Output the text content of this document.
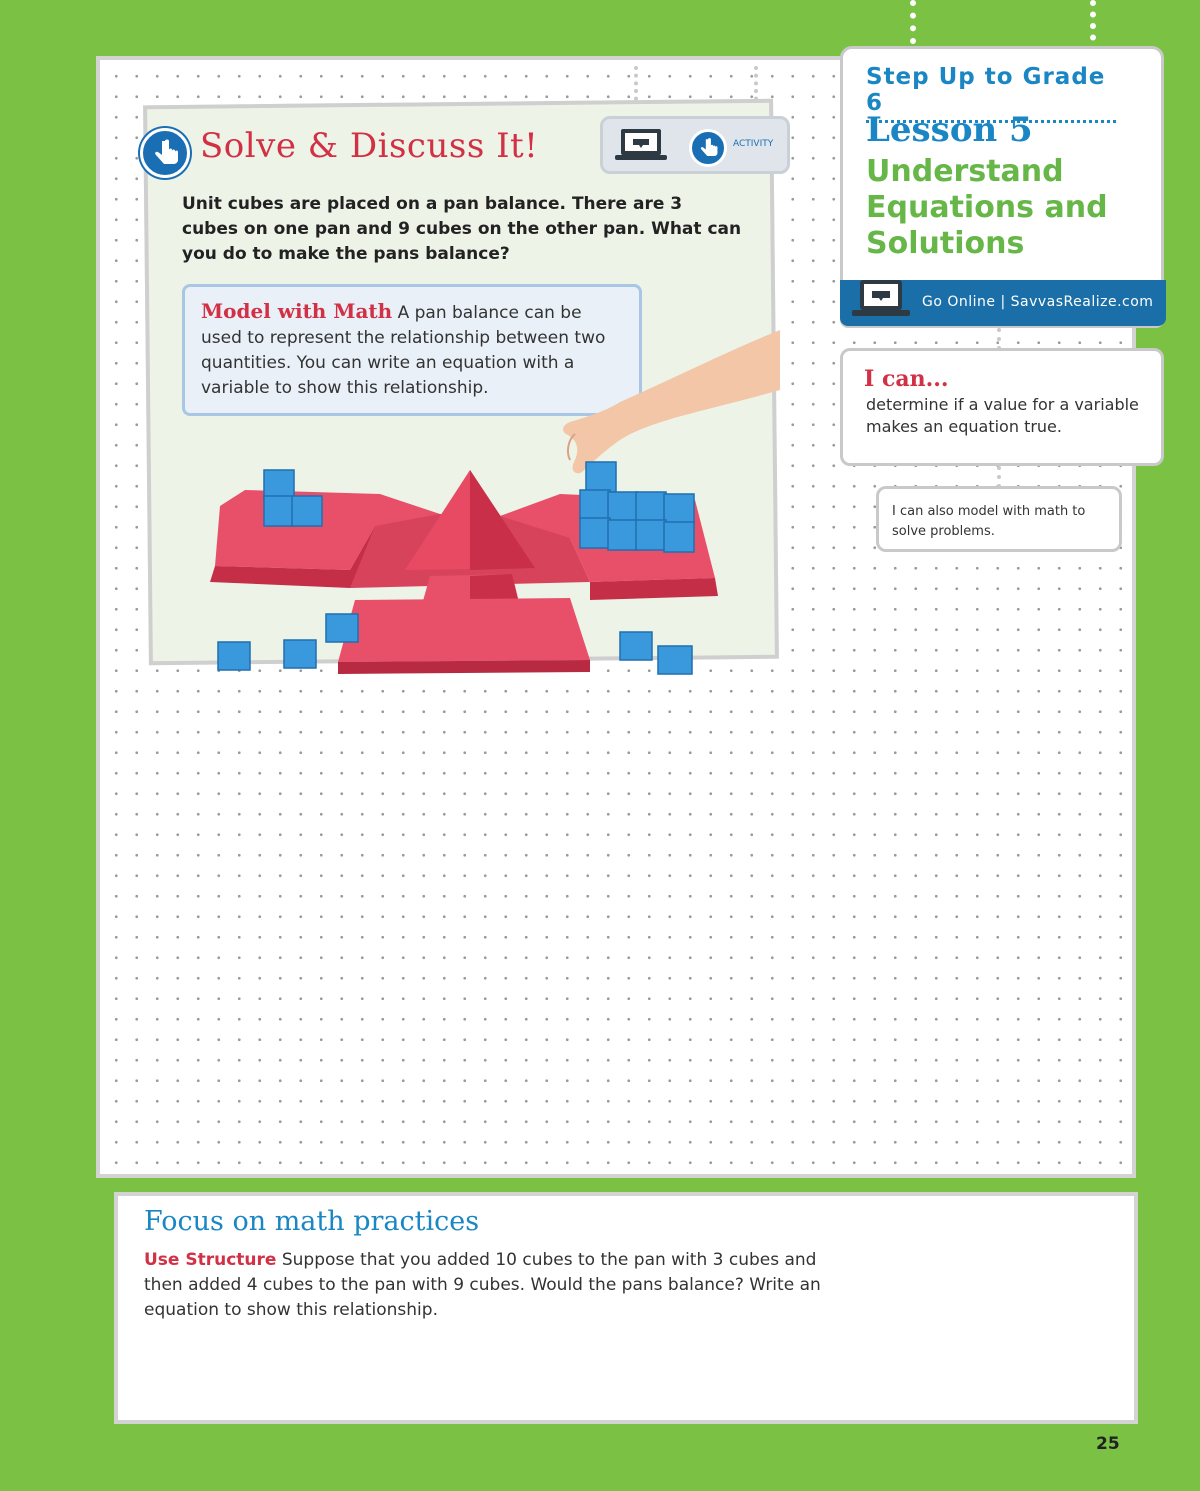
Solve & Discuss It!	ACTIVITY

Unit cubes are placed on a pan balance. There are 3 cubes on one pan and 9 cubes on the other pan. What can you do to make the pans balance?

Model with Math A pan balance can be used to represent the relationship between two quantities. You can write an equation with a variable to show this relationship.
Step Up to Grade 6
Lesson 5
Understand Equations and Solutions

Go Online | SavvasRealize.com

I can...

determine if a value for a variable makes an equation true.

I can also model with math to solve problems.

Focus on math practices

Use Structure Suppose that you added 10 cubes to the pan with 3 cubes and then added 4 cubes to the pan with 9 cubes. Would the pans balance? Write an equation to show this relationship.

25
